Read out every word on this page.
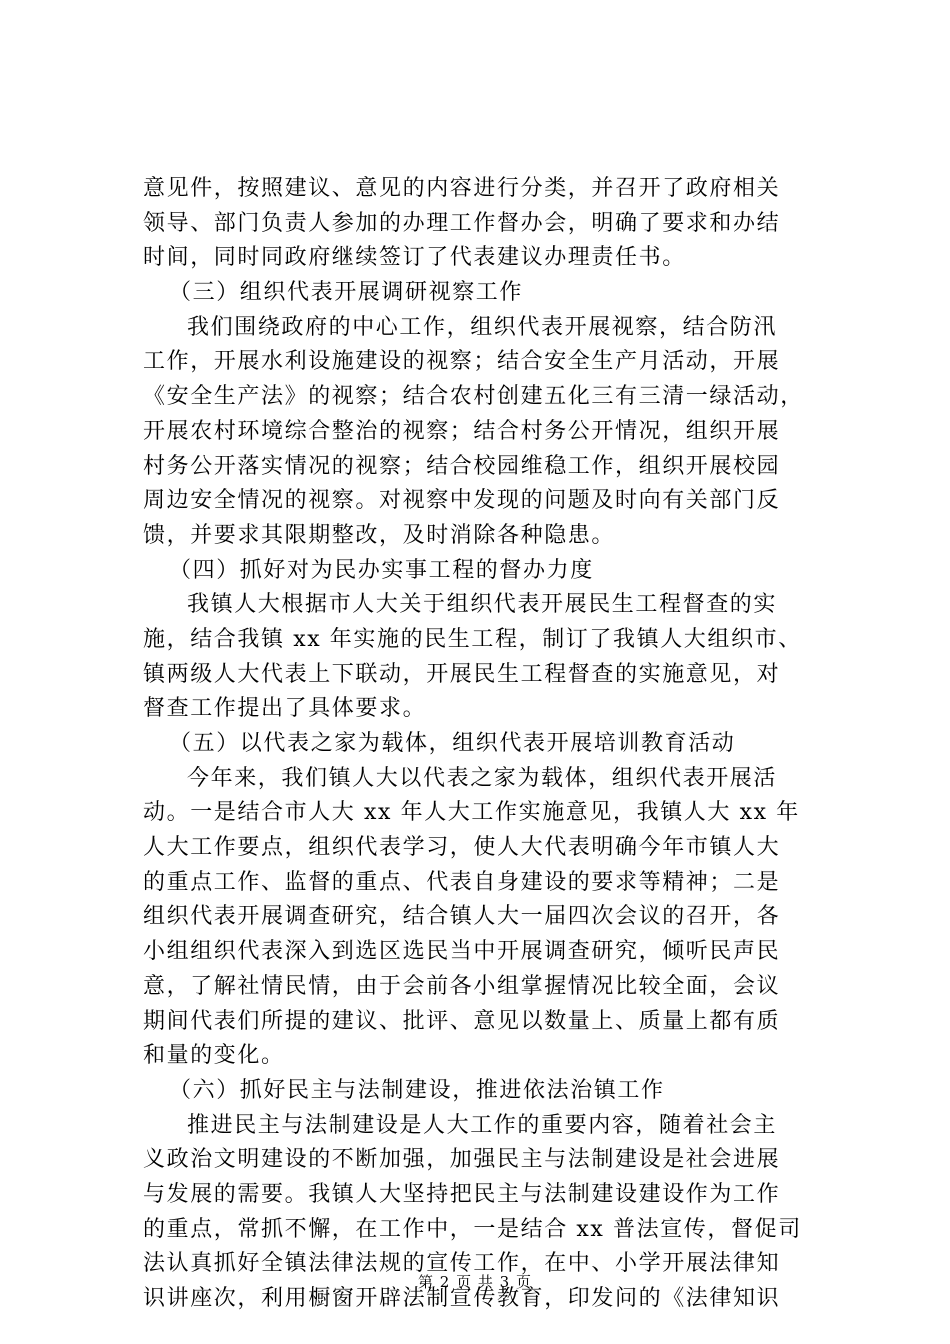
意见件，按照建议、意见的内容进行分类，并召开了政府相关
领导、部门负责人参加的办理工作督办会，明确了要求和办结
时间，同时同政府继续签订了代表建议办理责任书。
（三）组织代表开展调研视察工作
我们围绕政府的中心工作，组织代表开展视察，结合防汛
工作，开展水利设施建设的视察；结合安全生产月活动，开展
《安全生产法》的视察；结合农村创建五化三有三清一绿活动，
开展农村环境综合整治的视察；结合村务公开情况，组织开展
村务公开落实情况的视察；结合校园维稳工作，组织开展校园
周边安全情况的视察。对视察中发现的问题及时向有关部门反
馈，并要求其限期整改，及时消除各种隐患。
（四）抓好对为民办实事工程的督办力度
我镇人大根据市人大关于组织代表开展民生工程督查的实
施，结合我镇 xx 年实施的民生工程，制订了我镇人大组织市、
镇两级人大代表上下联动，开展民生工程督查的实施意见，对
督查工作提出了具体要求。
（五）以代表之家为载体，组织代表开展培训教育活动
今年来，我们镇人大以代表之家为载体，组织代表开展活
动。一是结合市人大 xx 年人大工作实施意见，我镇人大 xx 年
人大工作要点，组织代表学习，使人大代表明确今年市镇人大
的重点工作、监督的重点、代表自身建设的要求等精神；二是
组织代表开展调查研究，结合镇人大一届四次会议的召开，各
小组组织代表深入到选区选民当中开展调查研究，倾听民声民
意，了解社情民情，由于会前各小组掌握情况比较全面，会议
期间代表们所提的建议、批评、意见以数量上、质量上都有质
和量的变化。
（六）抓好民主与法制建设，推进依法治镇工作
推进民主与法制建设是人大工作的重要内容，随着社会主
义政治文明建设的不断加强，加强民主与法制建设是社会进展
与发展的需要。我镇人大坚持把民主与法制建设建设作为工作
的重点，常抓不懈，在工作中，一是结合 xx 普法宣传，督促司
法认真抓好全镇法律法规的宣传工作，在中、小学开展法律知
识讲座次，利用橱窗开辟法制宣传教育，印发问的《法律知识
第 2 页 共 3 页
